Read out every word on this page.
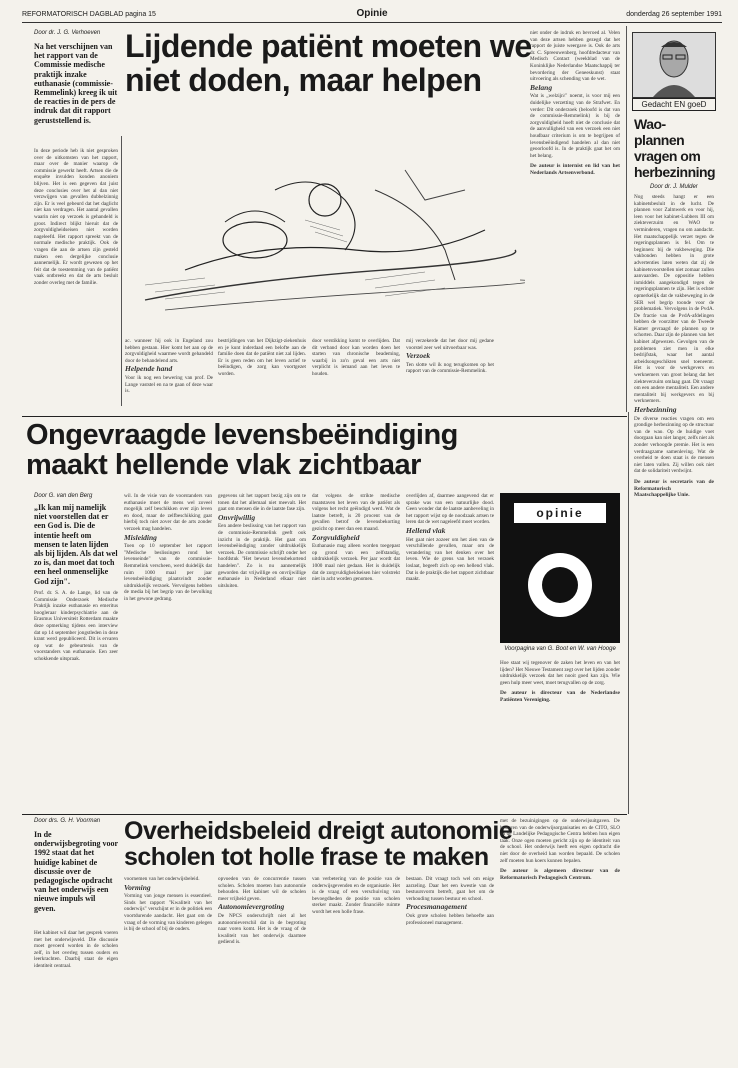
REFORMATORISCH DAGBLAD pagina 15	Opinie	donderdag 26 september 1991
Door dr. J. G. Verhoeven Lijdende patiënt moeten we
niet doden, maar helpen
Na het verschijnen van het rapport van de Commissie medische praktijk inzake euthanasie (commissie-Remmelink) kreeg ik uit de reacties in de pers de indruk dat dit rapport geruststellend is.
In deze periode heb ik niet gesproken over de uitkomsten van het rapport, maar over de manier waarop de commissie gewerkt heeft. Artsen die de enquête invulden konden anoniem blijven. Het is een gegeven dat juist deze conclusies over het al dan niet verzwijgen van gevallen dubbelzinnig zijn. Er is veel gebeurd dat het daglicht niet kan verdragen. Het aantal gevallen waarin niet op verzoek is gehandeld is groot. Indirect blijkt hieruit dat de zorgvuldigheidseisen niet worden nageleefd. Het rapport spreekt van de normale medische praktijk. Ook de vragen die aan de artsen zijn gesteld maken een dergelijke conclusie aannemelijk. Er wordt gewezen op het feit dat de toestemming van de patiënt vaak ontbreekt en dat de arts besluit zonder overleg met de familie.
ac. wanneer hij ook in Engeland zou hebben gestaan. Hier komt het aan op de zorgvuldigheid waarmee wordt gehandeld door de behandelend arts.
Helpende hand
Voor ik nog een bewering van prof. De Lange vaststel en na te gaan of deze waar is.
bestrijdingen van het Dijkzigt-ziekenhuis en je kunt inderdaad een belofte aan de familie doen dat de patiënt niet zal lijden. Er is geen reden om het leven actief te beëindigen, de zorg kan voortgezet worden.
door verstikking komt te overlijden. Dat dit verband door kan worden doen het starten van chronische beademing, waarbij in zo'n geval een arts niet verplicht is iemand aan het leven te houden.
mij verzekerde dat het door mij gedane voorstel zeer wel uitvoerbaar was.
Verzoek
Ten slotte wil ik nog terugkomen op het rapport van de commissie-Remmelink.
niet onder de indruk en bevroed al. Velen van deze artsen hebben gezegd dat het rapport de juiste weergave is. Ook de arts dr. C. Spreeuwenberg, hoofdredacteur van Medisch Contact (weekblad van de Koninklijke Nederlandse Maatschappij ter bevordering der Geneeskunst) staat uitvoering als schending van de wet.
Belang
Wat is „welzijn\" noemt, is voor mij een duidelijke verzetting van de Strafwet. En verder: Dit onderzoek (beloofd is dat van de commissie-Remmelink) is bij de zorgvuldigheid hoeft niet de conclusie dat de aanvulligheid van een verzoek een niet houdbaar criterium is om te begrijpen of levensbeëindigend handelen al dan niet geoorloofd is. In de praktijk gaat het om het belang.
De auteur is internist en lid van het Nederlands Artsenverbond.
Gedacht EN goeD
Wao-plannen vragen om herbezinning
Door dr. J. Mulder
Nog steeds hangt er een kabinetsbesluit in de lucht. De plannen voor Zalmwerk en voor hij, leen voor het kabinet-Lubbers III om ziekteverzuim en WAO te verminderen, vragen nu om aandacht. Het maatschappelijk verzet tegen de regeringsplannen is fel. Om te beginnen: bij de vakbeweging. Die vakbonden hebben in grote advertenties laten weten dat zij de kabinetsvoorstellen niet zomaar zullen aanvaarden. De oppositie hebben inmiddels aangekondigd tegen de regeringsplannen te zijn. Het is echter opmerkelijk dat de vakbeweging in de SER wel begrip toonde voor de problematiek. Vervolgens in de PvdA. De fractie van de PvdA-afdelingen hebben de voorzitter van de Tweede Kamer gevraagd de plannen op te schorten. Daar zijn de plannen van het kabinet afgewezen. Gevolgen van de problemen ziet men in elke bedrijfstak, waar het aantal arbeidsongeschikten snel toeneemt. Het is voor de werkgevers en werknemers van groot belang dat het ziekteverzuim omlaag gaat. Dit vraagt om een andere mentaliteit. Een andere mentaliteit bij werkgevers en bij werknemers.
Herbezinning
De diverse reacties vragen om een grondige herbezinning op de structuur van de wao. Op de huidige voet doorgaan kan niet langer, zelfs niet als zonder verhoogde premie. Het is een verdraagzame samenleving. Wat de overheid te doen staat is de mensen niet laten vallen. Zij willen ook niet dat de solidariteit verdwijnt.
De auteur is secretaris van de Reformatorisch Maatschappelijke Unie.
Ongevraagde levensbeëindiging
maakt hellende vlak zichtbaar
Door G. van den Berg
„Ik kan mij namelijk niet voorstellen dat er een God is. Die de intentie heeft om mensen te laten lijden als bij lijden. Als dat wel zo is, dan moet dat toch een heel onmenselijke God zijn".
Prof. dr. S. A. de Lange, lid van de Commissie Onderzoek Medische Praktijk inzake euthanasie en emeritus hoogleraar kinderpsychiatrie aan de Erasmus Universiteit Rotterdam maakte deze opmerking tijdens een interview dat op 14 september jongstleden in deze krant werd gepubliceerd. Dit is ervaren op wat de gebeurtenis van de voorstanders van euthanasie. Een zeer schokkende uitspraak.
wil. In de visie van de voorstanders van euthanasie moet de mens wel zoveel mogelijk zelf beschikken over zijn leven en dood, maar de zelfbeschikking gaat hierbij toch niet zover dat de arts zonder verzoek mag handelen.
Misleiding
Toen op 10 september het rapport "Medische beslissingen rond het levenseinde" van de commissie-Remmelink verscheen, werd duidelijk dat ruim 1000 maal per jaar levensbeëindiging plaatsvindt zonder uitdrukkelijk verzoek. Vervolgens hebben de media bij het begrip van de bevolking in het gewone gedrang.
gegevens uit het rapport bezig zijn om te tonen dat het allemaal niet meevalt. Het gaat om mensen die in de laatste fase zijn.
Onvrijwillig
Een andere beslissing van het rapport van de commissie-Remmelink geeft ook inzicht in de praktijk. Het gaat om levensbeëindiging zonder uitdrukkelijk verzoek. De commissie schrijft onder het hoofdstuk "Het bewust levensbekortend handelen". Zo is nu aannemelijk geworden dat vrijwillige en onvrijwillige euthanasie in Nederland elkaar niet uitsluiten.
dat volgens de strikte medische maatstaven het leven van de patiënt als volgens het recht geëindigd werd. Wat de laatste betreft, is 20 procent van de gevallen betrof de levensbekorting gezicht op meer dan een maand.
Zorgvuldigheid
Euthanasie mag alleen worden toegepast op grond van een zelfstandig, uitdrukkelijk verzoek. Per jaar wordt dat 1000 maal niet gedaan. Het is duidelijk dat de zorgvuldigheidseisen hier volstrekt niet in acht worden genomen.
overlijden af, daarmee aangevend dat er sprake was van een natuurlijke dood. Geen wonder dat de laatste aanbeveling in het rapport wijst op de noodzaak artsen te leren dat de wet nageleefd moet worden.
Hellend vlak
Het gaat niet zozeer om het zien van de verschillende gevallen, maar om de verandering van het denken over het leven. Wie de grens van het verzoek loslaat, begeeft zich op een hellend vlak. Dat is de praktijk die het rapport zichtbaar maakt.
opinie
Voorpagina van G. Boot en W. van Hooge
Hoe staat wij tegenover de zaken het leven en van het lijden? Het Nieuwe Testament zegt over het lijden zonder uitdrukkelijk verzoek dat het nooit goed kan zijn. Wie geen hulp meer weet, moet terugvallen op de zorg.
De auteur is directeur van de Nederlandse Patiënten Vereniging.
Door drs. G. H. Voorman Overheidsbeleid dreigt autonomie
scholen tot holle frase te maken
In de onderwijsbegroting voor 1992 staat dat het huidige kabinet de discussie over de pedagogische opdracht van het onderwijs een nieuwe impuls wil geven.
Het kabinet wil daar het gesprek voeren met het onderwijsveld. Die discussie moet gevoerd worden in de scholen zelf, in het overleg tussen ouders en leerkrachten. Daarbij staat de eigen identiteit centraal.
voornemen van het onderwijsbeleid.
Vorming
Vorming van jonge mensen is essentieel. Sinds het rapport "Kwaliteit van het onderwijs" verschijnt er in de politiek een voortdurende aandacht. Het gaat om de vraag of de vorming van kinderen gelegen is bij de school of bij de ouders.
opvoeden van de concurrentie tussen scholen. Scholen moeten hun autonomie behouden. Het kabinet wil de scholen meer vrijheid geven.
Autonomievergroting
De NPCS onderschrijft niet al het autonomieverschil dat in de begroting naar voren komt. Het is de vraag of de kwaliteit van het onderwijs daarmee gediend is.
van verbetering van de positie van de onderwijsgevenden en de organisatie. Het is de vraag of een verschuiving van bevoegdheden de positie van scholen sterker maakt. Zonder financiële ruimte wordt het een holle frase.
bestaan. Dit vraagt toch wel om enige aarzeling. Daar het een kwestie van de bestuursvorm betreft, gaat het om de verhouding tussen bestuur en school.
Procesmanagement
Ook grote scholen hebben behoefte aan professioneel management.
met de bezuinigingen op de onderwijsuitgaven. De besturen van de onderwijsorganisaties en de CITO, SLO en de Landelijke Pedagogische Centra hebben hun eigen taak. Onze ogen moeten gericht zijn op de identiteit van de school. Het onderwijs heeft een eigen opdracht die niet door de overheid kan worden bepaald. De scholen zelf moeten hun koers kunnen bepalen.
De auteur is algemeen directeur van de Reformatorisch Pedagogisch Centrum.
